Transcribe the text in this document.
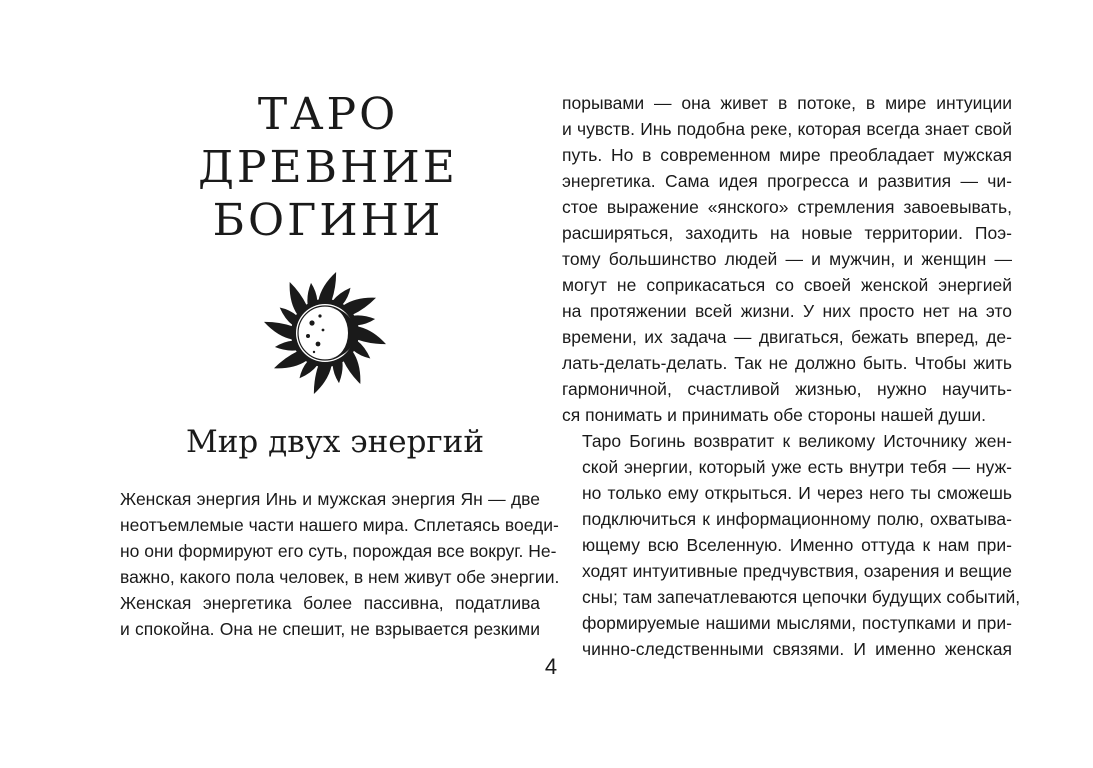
ТАРО
ДРЕВНИЕ
БОГИНИ
Мир двух энергий

Женская энергия Инь и мужская энергия Ян — две
неотъемлемые части нашего мира. Сплетаясь воеди-
но они формируют его суть, порождая все вокруг. Не-
важно, какого пола человек, в нем живут обе энергии.

Женская энергетика более пассивна, податлива
и спокойна. Она не спешит, не взрывается резкими

порывами — она живет в потоке, в мире интуиции
и чувств. Инь подобна реке, которая всегда знает свой
путь. Но в современном мире преобладает мужская
энергетика. Сама идея прогресса и развития — чи-
стое выражение «янского» стремления завоевывать,
расширяться, заходить на новые территории. Поэ-
тому большинство людей — и мужчин, и женщин —
могут не соприкасаться со своей женской энергией
на протяжении всей жизни. У них просто нет на это
времени, их задача — двигаться, бежать вперед, де-
лать-делать-делать. Так не должно быть. Чтобы жить
гармоничной, счастливой жизнью, нужно научить-
ся понимать и принимать обе стороны нашей души.

Таро Богинь возвратит к великому Источнику жен-
ской энергии, который уже есть внутри тебя — нуж-
но только ему открыться. И через него ты сможешь
подключиться к информационному полю, охватыва-
ющему всю Вселенную. Именно оттуда к нам при-
ходят интуитивные предчувствия, озарения и вещие
сны; там запечатлеваются цепочки будущих событий,
формируемые нашими мыслями, поступками и при-
чинно-следственными связями. И именно женская

4
